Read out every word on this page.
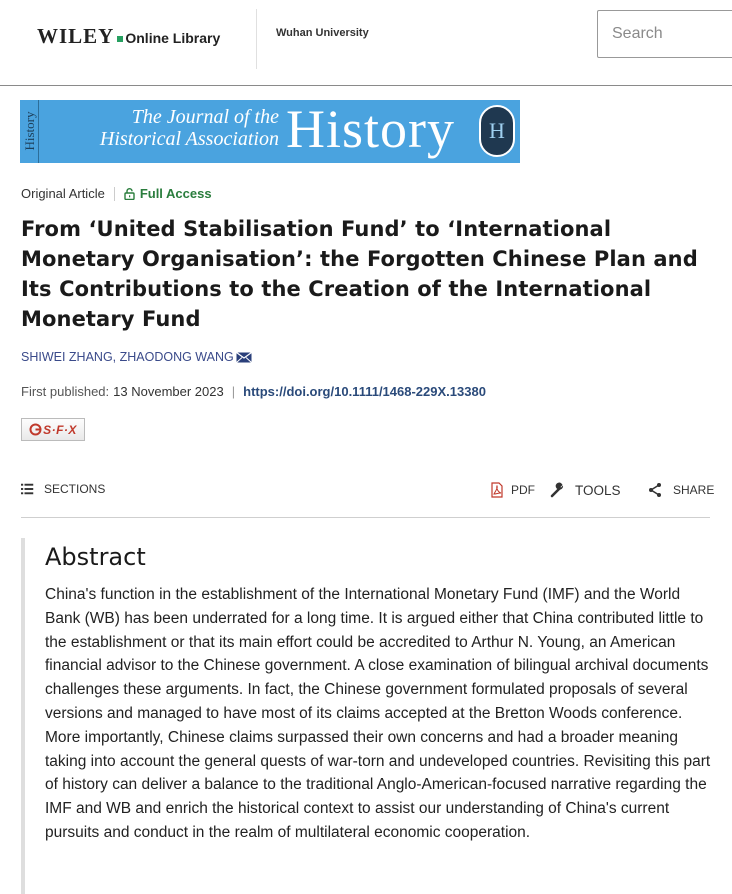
WILEY Online Library	Wuhan University
Search
History	The Journal of the Historical Association History	H
Original Article	Full Access
From ‘United Stabilisation Fund’ to ‘International Monetary Organisation’: the Forgotten Chinese Plan and Its Contributions to the Creation of the International Monetary Fund
SHIWEI ZHANG, ZHAODONG WANG
First published: 13 November 2023 | https://doi.org/10.1111/1468-229X.13380
S·F·X
SECTIONS	PDF	TOOLS	SHARE
Abstract

China's function in the establishment of the International Monetary Fund (IMF) and the World Bank (WB) has been underrated for a long time. It is argued either that China contributed little to the establishment or that its main effort could be accredited to Arthur N. Young, an American financial advisor to the Chinese government. A close examination of bilingual archival documents challenges these arguments. In fact, the Chinese government formulated proposals of several versions and managed to have most of its claims accepted at the Bretton Woods conference. More importantly, Chinese claims surpassed their own concerns and had a broader meaning taking into account the general quests of war-torn and undeveloped countries. Revisiting this part of history can deliver a balance to the traditional Anglo-American-focused narrative regarding the IMF and WB and enrich the historical context to assist our understanding of China's current pursuits and conduct in the realm of multilateral economic cooperation.
